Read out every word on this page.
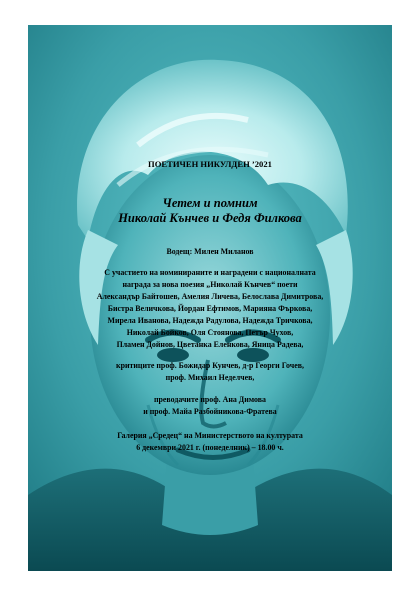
ПОЕТИЧЕН НИКУЛДЕН ’2021
Четем и помним
Николай Кънчев и Федя Филкова
Водещ: Милен Миланов
С участието на номинираните и наградени с националната
награда за нова поезия „Николай Кънчев“ поети
Александър Байтошев, Амелия Личева, Белослава Димитрова,
Бистра Величкова, Йордан Ефтимов, Марияна Фъркова,
Мирела Иванова, Надежда Радулова, Надежда Тричкова,
Николай Бойков, Оля Стоянова, Петър Чухов,
Пламен Дойнов, Цветанка Еленкова, Яница Радева,
критиците проф. Божидар Кунчев, д-р Георги Гочев,
проф. Михаил Неделчев,
преводачите проф. Ана Димова
и проф. Майа Разбойникова-Фратева
Галерия „Средец“ на Министерството на културата
6 декември 2021 г. (понеделник) – 18.00 ч.
